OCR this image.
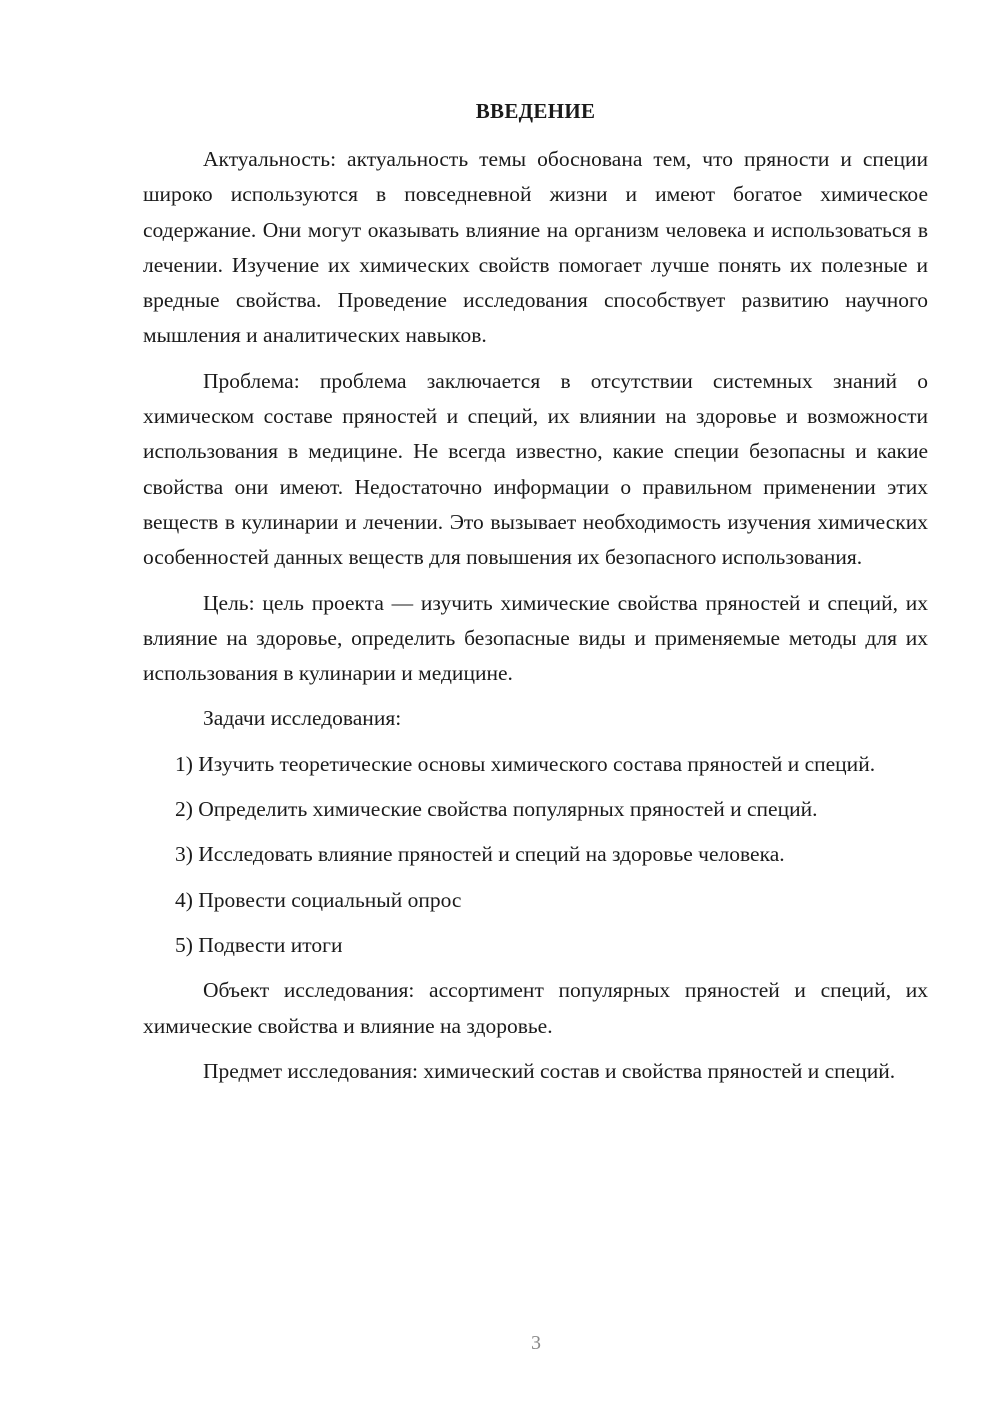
ВВЕДЕНИЕ

Актуальность: актуальность темы обоснована тем, что пряности и специи широко используются в повседневной жизни и имеют богатое химическое содержание. Они могут оказывать влияние на организм человека и использоваться в лечении. Изучение их химических свойств помогает лучше понять их полезные и вредные свойства. Проведение исследования способствует развитию научного мышления и аналитических навыков.

Проблема: проблема заключается в отсутствии системных знаний о химическом составе пряностей и специй, их влиянии на здоровье и возможности использования в медицине. Не всегда известно, какие специи безопасны и какие свойства они имеют. Недостаточно информации о правильном применении этих веществ в кулинарии и лечении. Это вызывает необходимость изучения химических особенностей данных веществ для повышения их безопасного использования.

Цель: цель проекта — изучить химические свойства пряностей и специй, их влияние на здоровье, определить безопасные виды и применяемые методы для их использования в кулинарии и медицине.

Задачи исследования:

1) Изучить теоретические основы химического состава пряностей и специй.

2) Определить химические свойства популярных пряностей и специй.

3) Исследовать влияние пряностей и специй на здоровье человека.

4) Провести социальный опрос

5) Подвести итоги

Объект исследования: ассортимент популярных пряностей и специй, их химические свойства и влияние на здоровье.

Предмет исследования: химический состав и свойства пряностей и специй.

3
